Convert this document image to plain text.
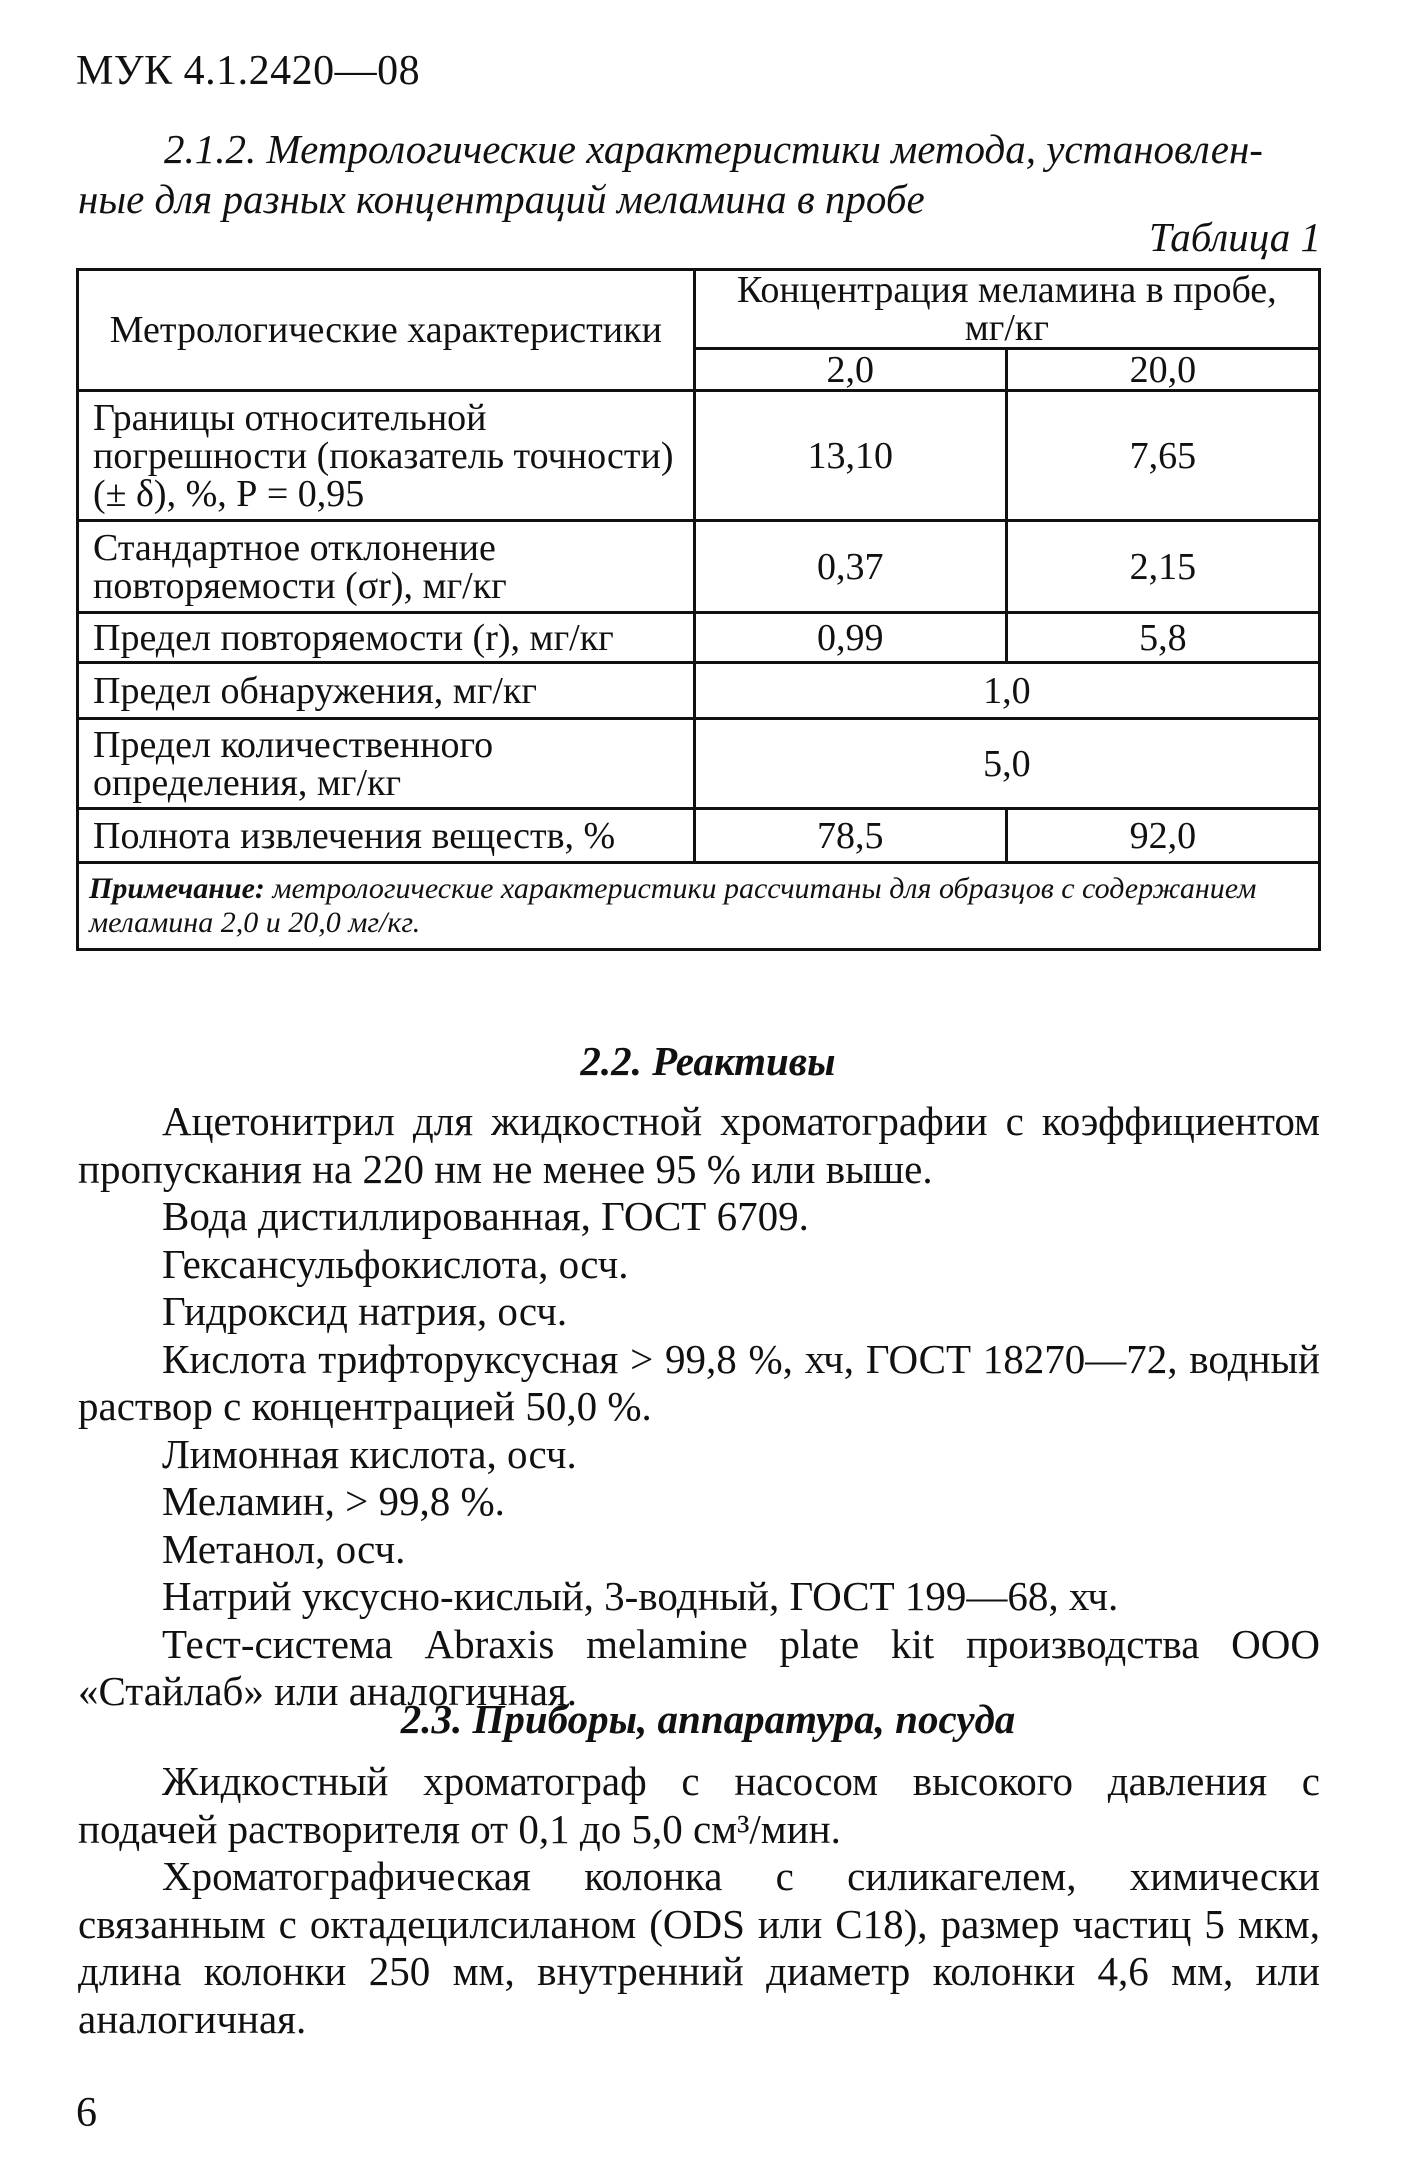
МУК 4.1.2420—08
2.1.2. Метрологические характеристики метода, установлен-
ные для разных концентраций меламина в пробе
Таблица 1
Метрологические характеристики	Концентрация меламина в пробе, мг/кг	
	2,0	20,0
Границы относительной погрешности (показатель точности) (± δ), %, Р = 0,95	13,10	7,65
Стандартное отклонение повторяемости (σr), мг/кг	0,37	2,15
Предел повторяемости (r), мг/кг	0,99	5,8
Предел обнаружения, мг/кг	1,0	
Предел количественного определения, мг/кг	5,0	
Полнота извлечения веществ, %	78,5	92,0
Примечание: метрологические характеристики рассчитаны для образцов с содержанием меламина 2,0 и 20,0 мг/кг.		
2.2. Реактивы

Ацетонитрил для жидкостной хроматографии с коэффициентом пропускания на 220 нм не менее 95 % или выше.

Вода дистиллированная, ГОСТ 6709.

Гексансульфокислота, осч.

Гидроксид натрия, осч.

Кислота трифторуксусная > 99,8 %, хч, ГОСТ 18270—72, водный раствор с концентрацией 50,0 %.

Лимонная кислота, осч.

Меламин, > 99,8 %.

Метанол, осч.

Натрий уксусно-кислый, 3-водный, ГОСТ 199—68, хч.

Тест-система Abraxis melamine plate kit производства ООО «Стайлаб» или аналогичная.

2.3. Приборы, аппаратура, посуда

Жидкостный хроматограф с насосом высокого давления с подачей растворителя от 0,1 до 5,0 см³/мин.

Хроматографическая колонка с силикагелем, химически связанным с октадецилсиланом (ODS или C18), размер частиц 5 мкм, длина колонки 250 мм, внутренний диаметр колонки 4,6 мм, или аналогичная.

6
